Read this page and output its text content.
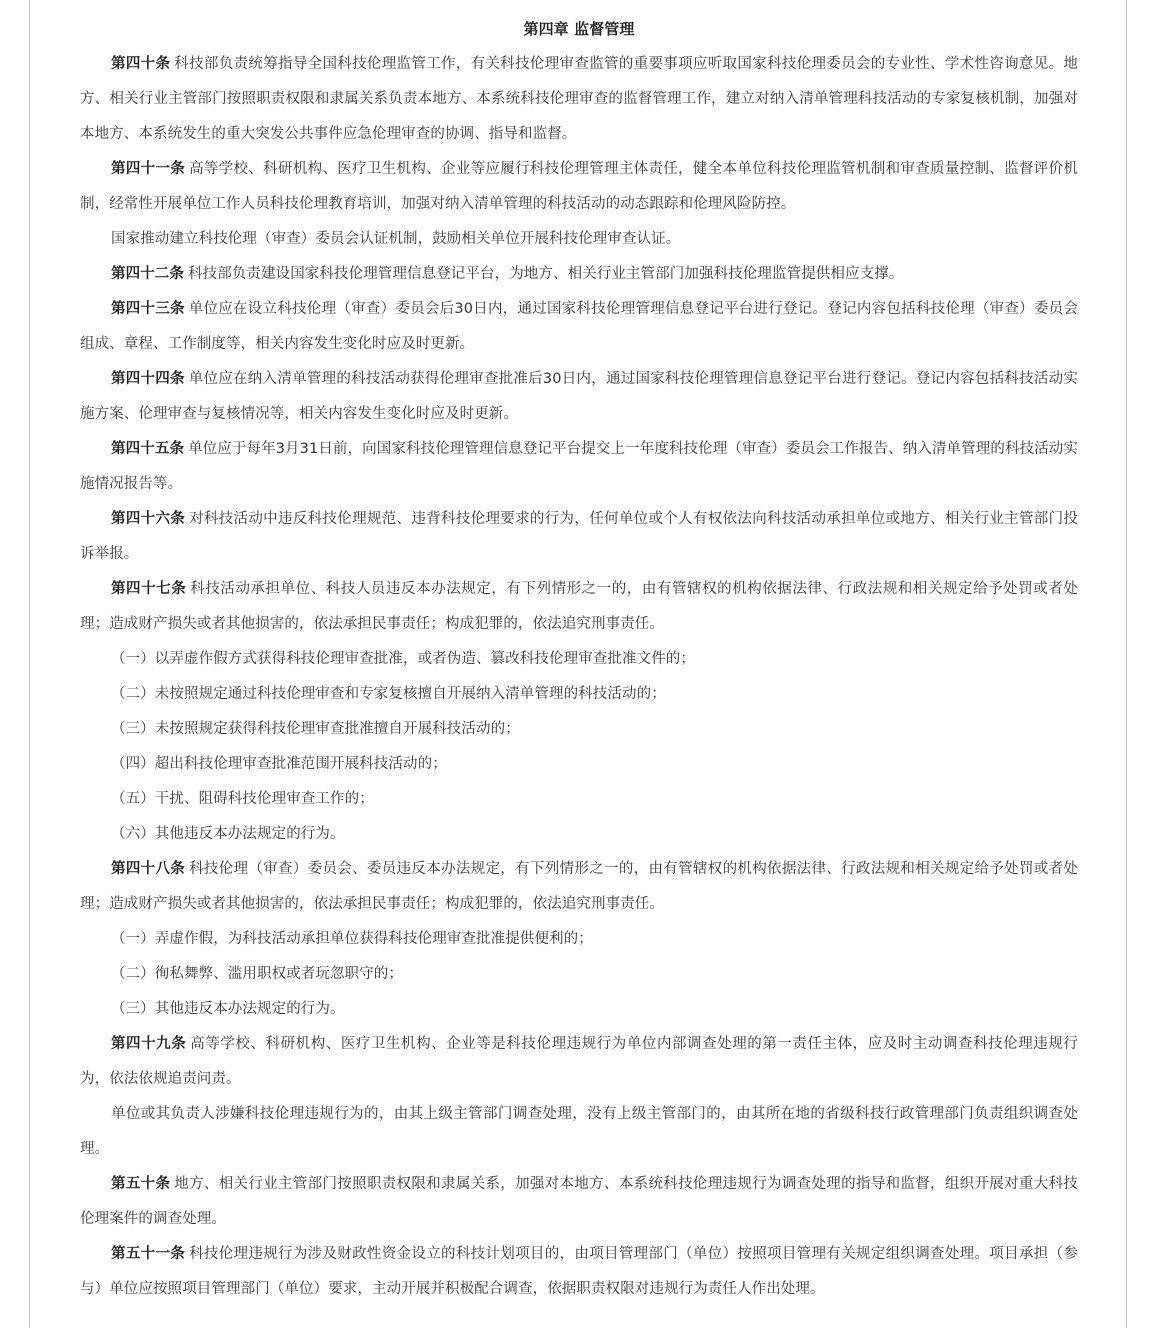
第四章 监督管理

第四十条 科技部负责统筹指导全国科技伦理监管工作，有关科技伦理审查监管的重要事项应听取国家科技伦理委员会的专业性、学术性咨询意见。地方、相关行业主管部门按照职责权限和隶属关系负责本地方、本系统科技伦理审查的监督管理工作，建立对纳入清单管理科技活动的专家复核机制，加强对本地方、本系统发生的重大突发公共事件应急伦理审查的协调、指导和监督。

第四十一条 高等学校、科研机构、医疗卫生机构、企业等应履行科技伦理管理主体责任，健全本单位科技伦理监管机制和审查质量控制、监督评价机制，经常性开展单位工作人员科技伦理教育培训，加强对纳入清单管理的科技活动的动态跟踪和伦理风险防控。

国家推动建立科技伦理（审查）委员会认证机制，鼓励相关单位开展科技伦理审查认证。

第四十二条 科技部负责建设国家科技伦理管理信息登记平台，为地方、相关行业主管部门加强科技伦理监管提供相应支撑。

第四十三条 单位应在设立科技伦理（审查）委员会后30日内，通过国家科技伦理管理信息登记平台进行登记。登记内容包括科技伦理（审查）委员会组成、章程、工作制度等，相关内容发生变化时应及时更新。

第四十四条 单位应在纳入清单管理的科技活动获得伦理审查批准后30日内，通过国家科技伦理管理信息登记平台进行登记。登记内容包括科技活动实施方案、伦理审查与复核情况等，相关内容发生变化时应及时更新。

第四十五条 单位应于每年3月31日前，向国家科技伦理管理信息登记平台提交上一年度科技伦理（审查）委员会工作报告、纳入清单管理的科技活动实施情况报告等。

第四十六条 对科技活动中违反科技伦理规范、违背科技伦理要求的行为，任何单位或个人有权依法向科技活动承担单位或地方、相关行业主管部门投诉举报。

第四十七条 科技活动承担单位、科技人员违反本办法规定，有下列情形之一的，由有管辖权的机构依据法律、行政法规和相关规定给予处罚或者处理；造成财产损失或者其他损害的，依法承担民事责任；构成犯罪的，依法追究刑事责任。

（一）以弄虚作假方式获得科技伦理审查批准，或者伪造、篡改科技伦理审查批准文件的；

（二）未按照规定通过科技伦理审查和专家复核擅自开展纳入清单管理的科技活动的；

（三）未按照规定获得科技伦理审查批准擅自开展科技活动的；

（四）超出科技伦理审查批准范围开展科技活动的；

（五）干扰、阻碍科技伦理审查工作的；

（六）其他违反本办法规定的行为。

第四十八条 科技伦理（审查）委员会、委员违反本办法规定，有下列情形之一的，由有管辖权的机构依据法律、行政法规和相关规定给予处罚或者处理；造成财产损失或者其他损害的，依法承担民事责任；构成犯罪的，依法追究刑事责任。

（一）弄虚作假，为科技活动承担单位获得科技伦理审查批准提供便利的；

（二）徇私舞弊、滥用职权或者玩忽职守的；

（三）其他违反本办法规定的行为。

第四十九条 高等学校、科研机构、医疗卫生机构、企业等是科技伦理违规行为单位内部调查处理的第一责任主体，应及时主动调查科技伦理违规行为，依法依规追责问责。

单位或其负责人涉嫌科技伦理违规行为的，由其上级主管部门调查处理，没有上级主管部门的，由其所在地的省级科技行政管理部门负责组织调查处理。

第五十条 地方、相关行业主管部门按照职责权限和隶属关系，加强对本地方、本系统科技伦理违规行为调查处理的指导和监督，组织开展对重大科技伦理案件的调查处理。

第五十一条 科技伦理违规行为涉及财政性资金设立的科技计划项目的，由项目管理部门（单位）按照项目管理有关规定组织调查处理。项目承担（参与）单位应按照项目管理部门（单位）要求，主动开展并积极配合调查，依据职责权限对违规行为责任人作出处理。
